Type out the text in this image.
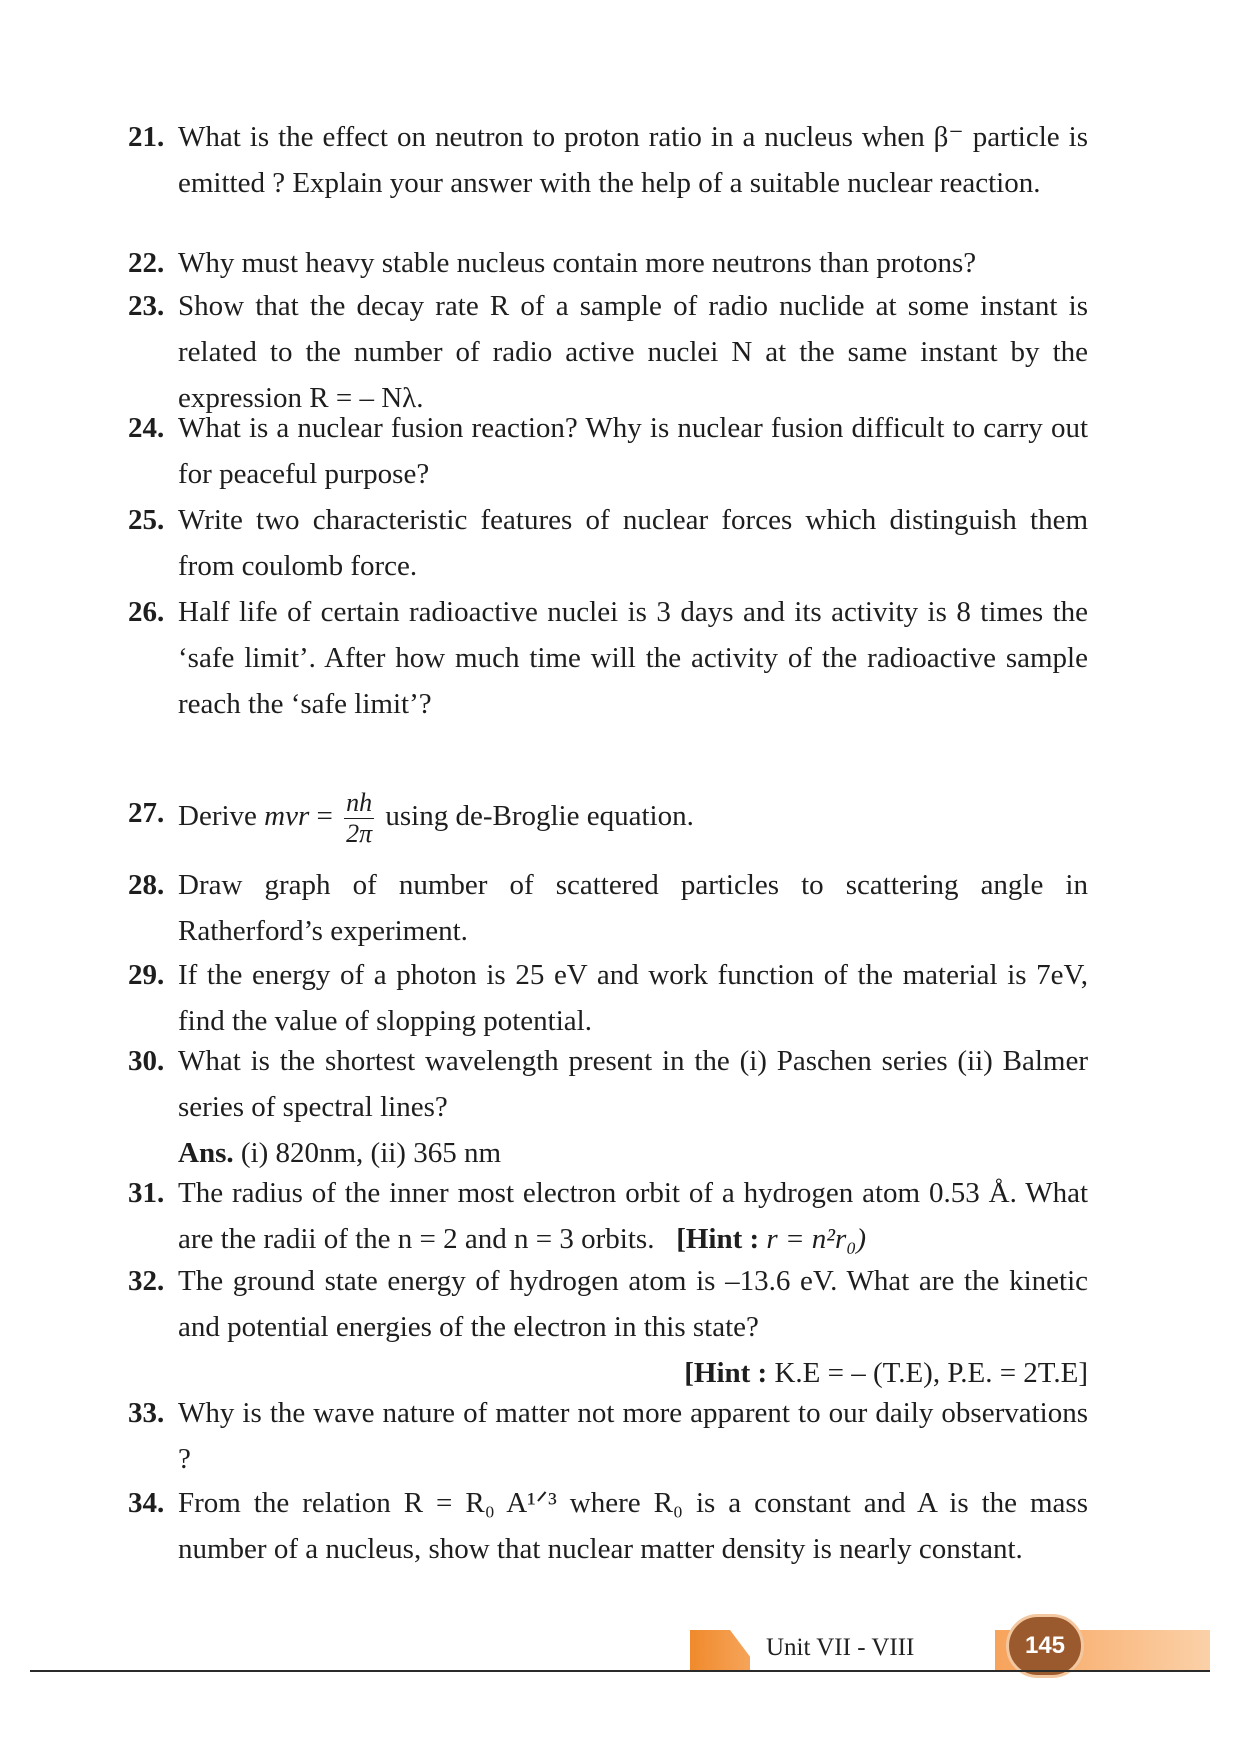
21. What is the effect on neutron to proton ratio in a nucleus when β⁻ particle is emitted ? Explain your answer with the help of a suitable nuclear reaction.
22. Why must heavy stable nucleus contain more neutrons than protons?
23. Show that the decay rate R of a sample of radio nuclide at some instant is related to the number of radio active nuclei N at the same instant by the expression R = – Nλ.
24. What is a nuclear fusion reaction? Why is nuclear fusion difficult to carry out for peaceful purpose?
25. Write two characteristic features of nuclear forces which distinguish them from coulomb force.
26. Half life of certain radioactive nuclei is 3 days and its activity is 8 times the ‘safe limit’. After how much time will the activity of the radioactive sample reach the ‘safe limit’?
27. Derive mvr = $\frac{nh}{2\pi}$ using de-Broglie equation.
28. Draw graph of number of scattered particles to scattering angle in Ratherford’s experiment.
29. If the energy of a photon is 25 eV and work function of the material is 7eV, find the value of slopping potential.
30. What is the shortest wavelength present in the (i) Paschen series (ii) Balmer series of spectral lines?
Ans. (i) 820nm, (ii) 365 nm
31. The radius of the inner most electron orbit of a hydrogen atom 0.53 Å. What are the radii of the n = 2 and n = 3 orbits. [Hint : r = n²r₀)
32. The ground state energy of hydrogen atom is –13.6 eV. What are the kinetic and potential energies of the electron in this state?
[Hint : K.E = – (T.E), P.E. = 2T.E]
33. Why is the wave nature of matter not more apparent to our daily observations ?
34. From the relation R = R₀ A¹ᐟ³ where R₀ is a constant and A is the mass number of a nucleus, show that nuclear matter density is nearly constant.
Unit VII - VIII	145
